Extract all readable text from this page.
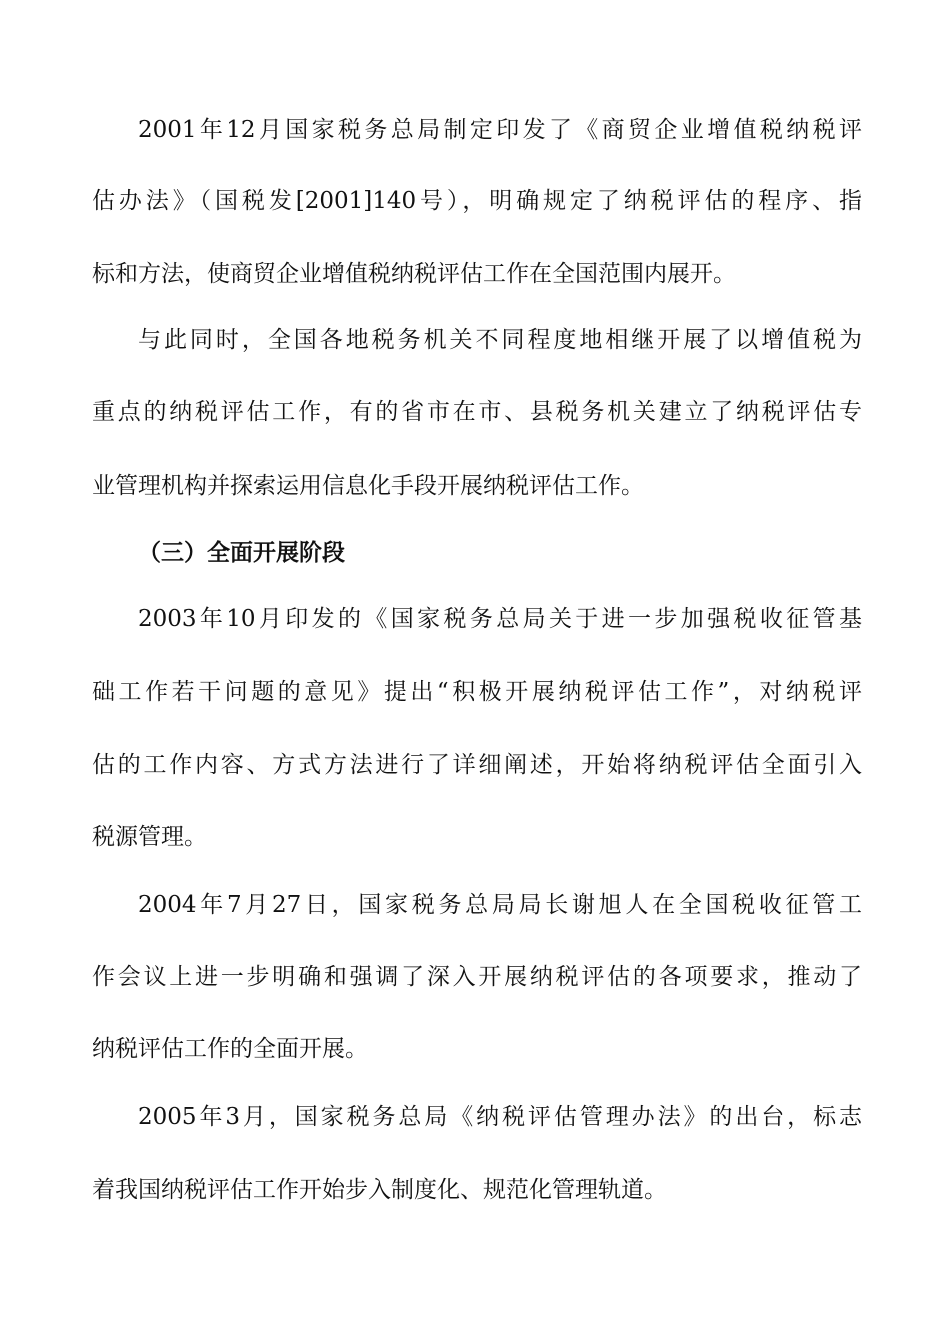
2001年12月国家税务总局制定印发了《商贸企业增值税纳税评

估办法》（国税发[2001]140号），明确规定了纳税评估的程序、指

标和方法，使商贸企业增值税纳税评估工作在全国范围内展开。

与此同时，全国各地税务机关不同程度地相继开展了以增值税为

重点的纳税评估工作，有的省市在市、县税务机关建立了纳税评估专

业管理机构并探索运用信息化手段开展纳税评估工作。

（三）全面开展阶段

2003年10月印发的《国家税务总局关于进一步加强税收征管基

础工作若干问题的意见》提出“积极开展纳税评估工作”，对纳税评

估的工作内容、方式方法进行了详细阐述，开始将纳税评估全面引入

税源管理。

2004年7月27日，国家税务总局局长谢旭人在全国税收征管工

作会议上进一步明确和强调了深入开展纳税评估的各项要求，推动了

纳税评估工作的全面开展。

2005年3月，国家税务总局《纳税评估管理办法》的出台，标志

着我国纳税评估工作开始步入制度化、规范化管理轨道。
